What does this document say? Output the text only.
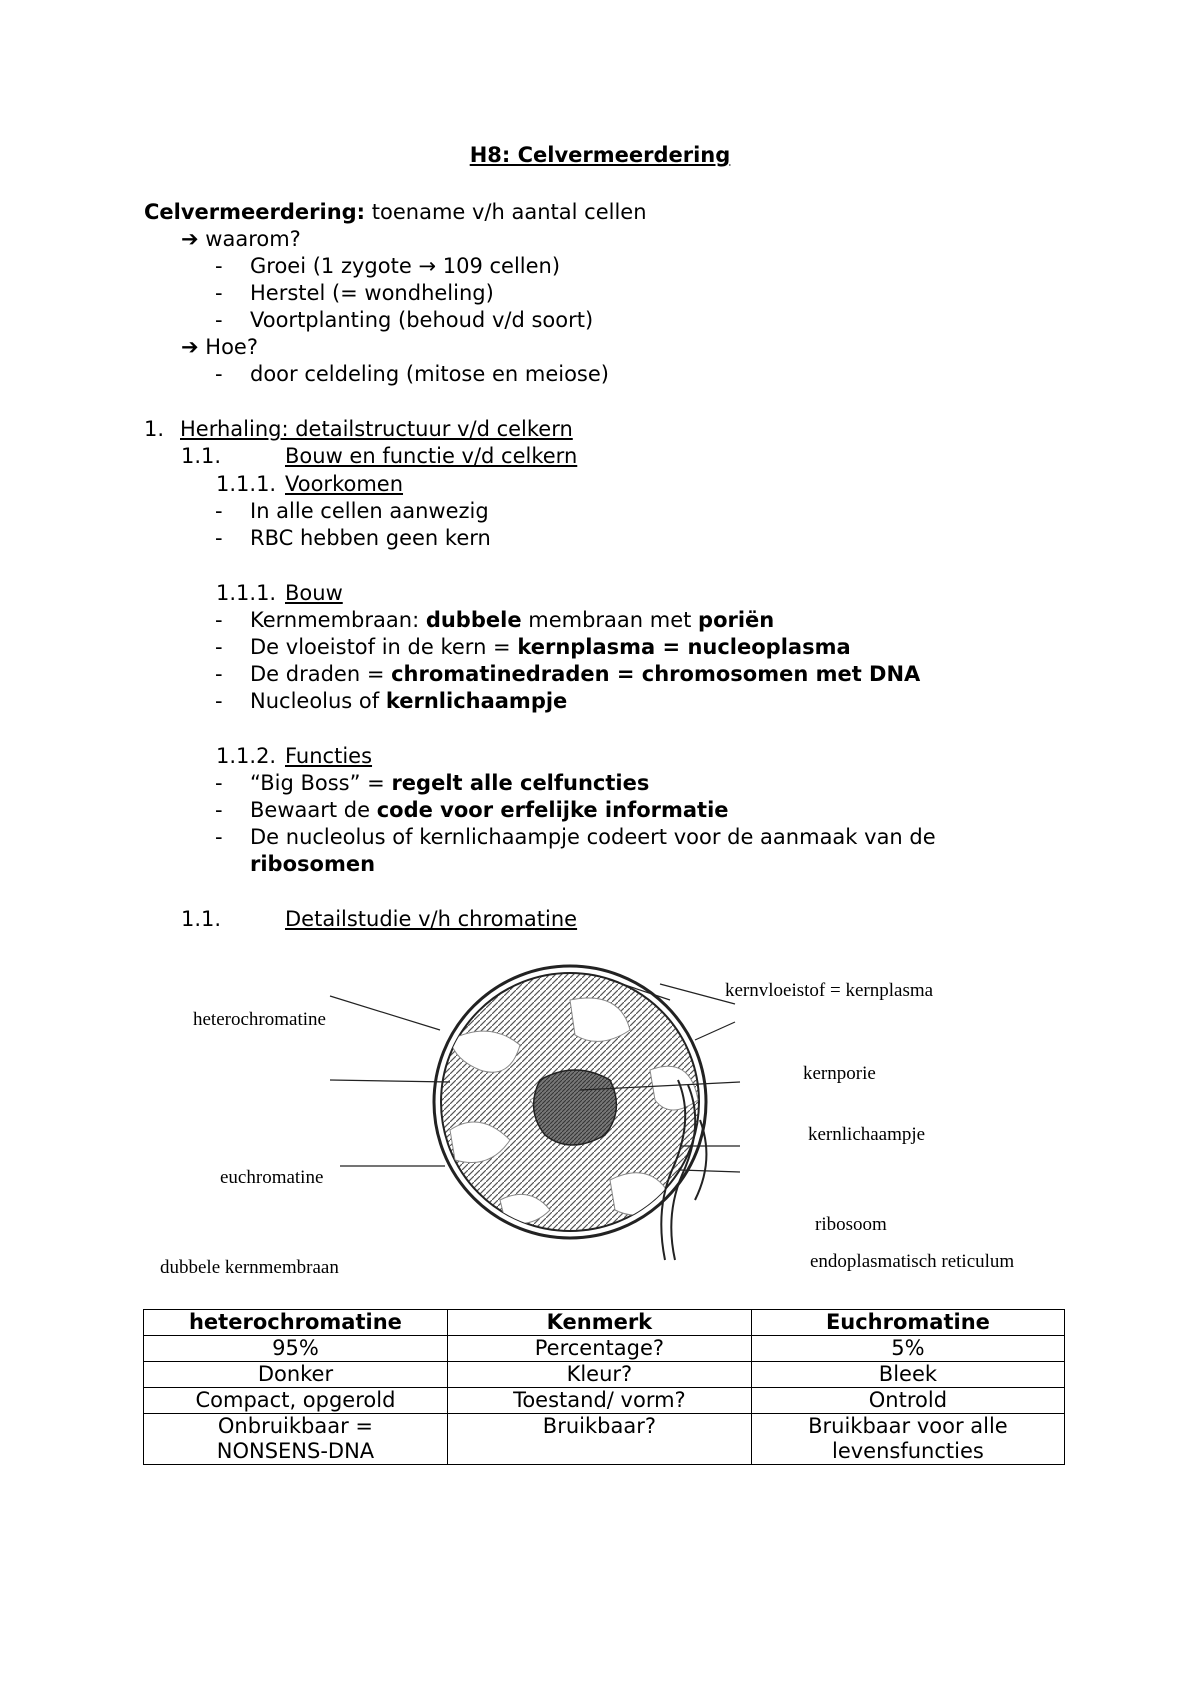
H8: Celvermeerdering
Celvermeerdering: toename v/h aantal cellen
➔ waarom?
- Groei (1 zygote → 109 cellen)
- Herstel (= wondheling)
- Voortplanting (behoud v/d soort)
➔ Hoe?
- door celdeling (mitose en meiose)
1. Herhaling: detailstructuur v/d celkern
1.1.	Bouw en functie v/d celkern
1.1.1. Voorkomen
- In alle cellen aanwezig
- RBC hebben geen kern
1.1.1. Bouw
- Kernmembraan: dubbele membraan met poriën
- De vloeistof in de kern = kernplasma = nucleoplasma
- De draden = chromatinedraden = chromosomen met DNA
- Nucleolus of kernlichaampje
1.1.2. Functies
- “Big Boss” = regelt alle celfuncties
- Bewaart de code voor erfelijke informatie
- De nucleolus of kernlichaampje codeert voor de aanmaak van de
ribosomen
1.1.	Detailstudie v/h chromatine
heterochromatine
euchromatine
dubbele kernmembraan
kernvloeistof = kernplasma
kernporie
kernlichaampje
ribosoom
endoplasmatisch reticulum
heterochromatine	Kenmerk	Euchromatine
95%	Percentage?	5%
Donker	Kleur?	Bleek
Compact, opgerold	Toestand/ vorm?	Ontrold
Onbruikbaar = NONSENS-DNA	Bruikbaar?	Bruikbaar voor alle levensfuncties
